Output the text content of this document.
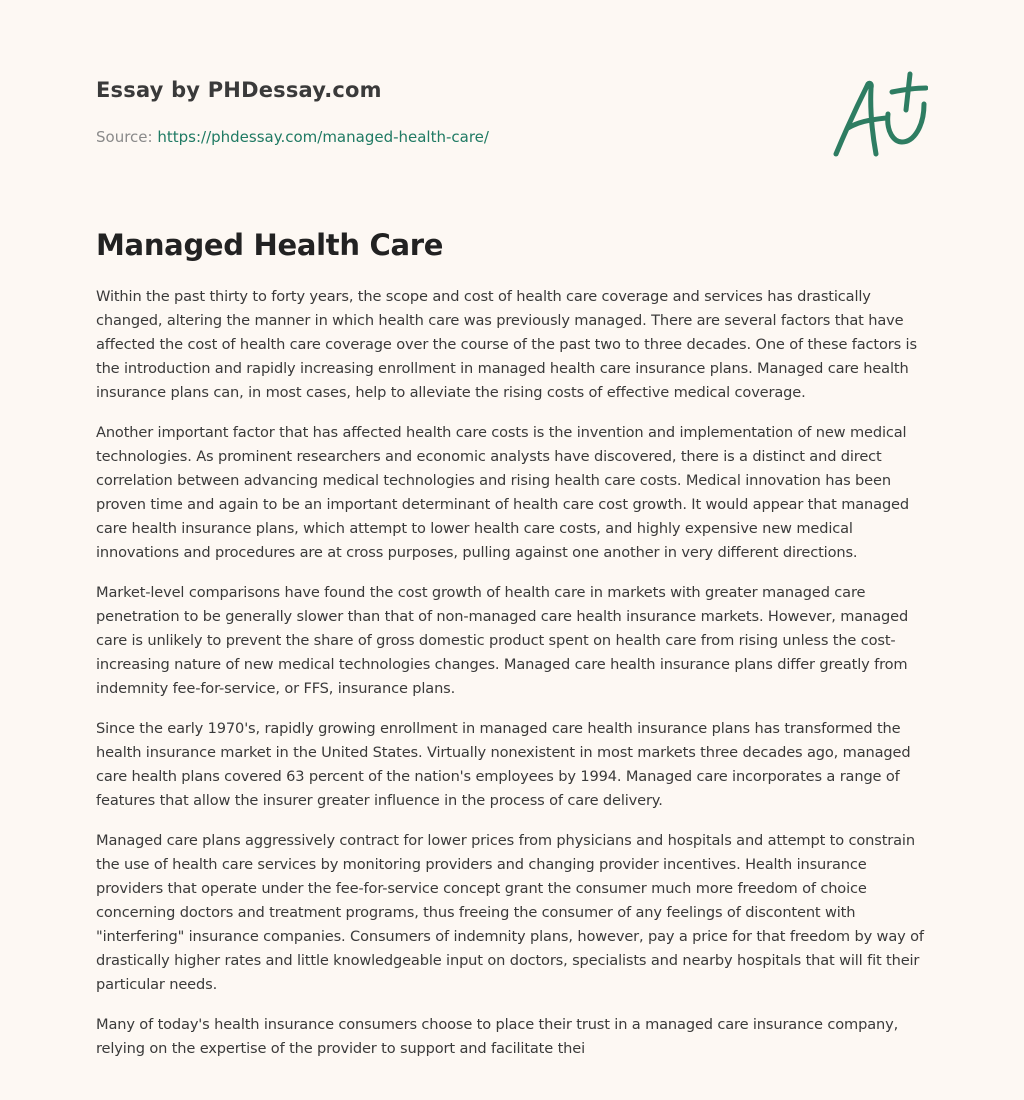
Essay by PHDessay.com
Source: https://phdessay.com/managed-health-care/
Managed Health Care

Within the past thirty to forty years, the scope and cost of health care coverage and services has drastically changed, altering the manner in which health care was previously managed. There are several factors that have affected the cost of health care coverage over the course of the past two to three decades. One of these factors is the introduction and rapidly increasing enrollment in managed health care insurance plans. Managed care health insurance plans can, in most cases, help to alleviate the rising costs of effective medical coverage.

Another important factor that has affected health care costs is the invention and implementation of new medical technologies. As prominent researchers and economic analysts have discovered, there is a distinct and direct correlation between advancing medical technologies and rising health care costs. Medical innovation has been proven time and again to be an important determinant of health care cost growth. It would appear that managed care health insurance plans, which attempt to lower health care costs, and highly expensive new medical innovations and procedures are at cross purposes, pulling against one another in very different directions.

Market-level comparisons have found the cost growth of health care in markets with greater managed care penetration to be generally slower than that of non-managed care health insurance markets. However, managed care is unlikely to prevent the share of gross domestic product spent on health care from rising unless the cost-increasing nature of new medical technologies changes. Managed care health insurance plans differ greatly from indemnity fee-for-service, or FFS, insurance plans.

Since the early 1970's, rapidly growing enrollment in managed care health insurance plans has transformed the health insurance market in the United States. Virtually nonexistent in most markets three decades ago, managed care health plans covered 63 percent of the nation's employees by 1994. Managed care incorporates a range of features that allow the insurer greater influence in the process of care delivery.

Managed care plans aggressively contract for lower prices from physicians and hospitals and attempt to constrain the use of health care services by monitoring providers and changing provider incentives. Health insurance providers that operate under the fee-for-service concept grant the consumer much more freedom of choice concerning doctors and treatment programs, thus freeing the consumer of any feelings of discontent with "interfering" insurance companies. Consumers of indemnity plans, however, pay a price for that freedom by way of drastically higher rates and little knowledgeable input on doctors, specialists and nearby hospitals that will fit their particular needs.

Many of today's health insurance consumers choose to place their trust in a managed care insurance company, relying on the expertise of the provider to support and facilitate thei
